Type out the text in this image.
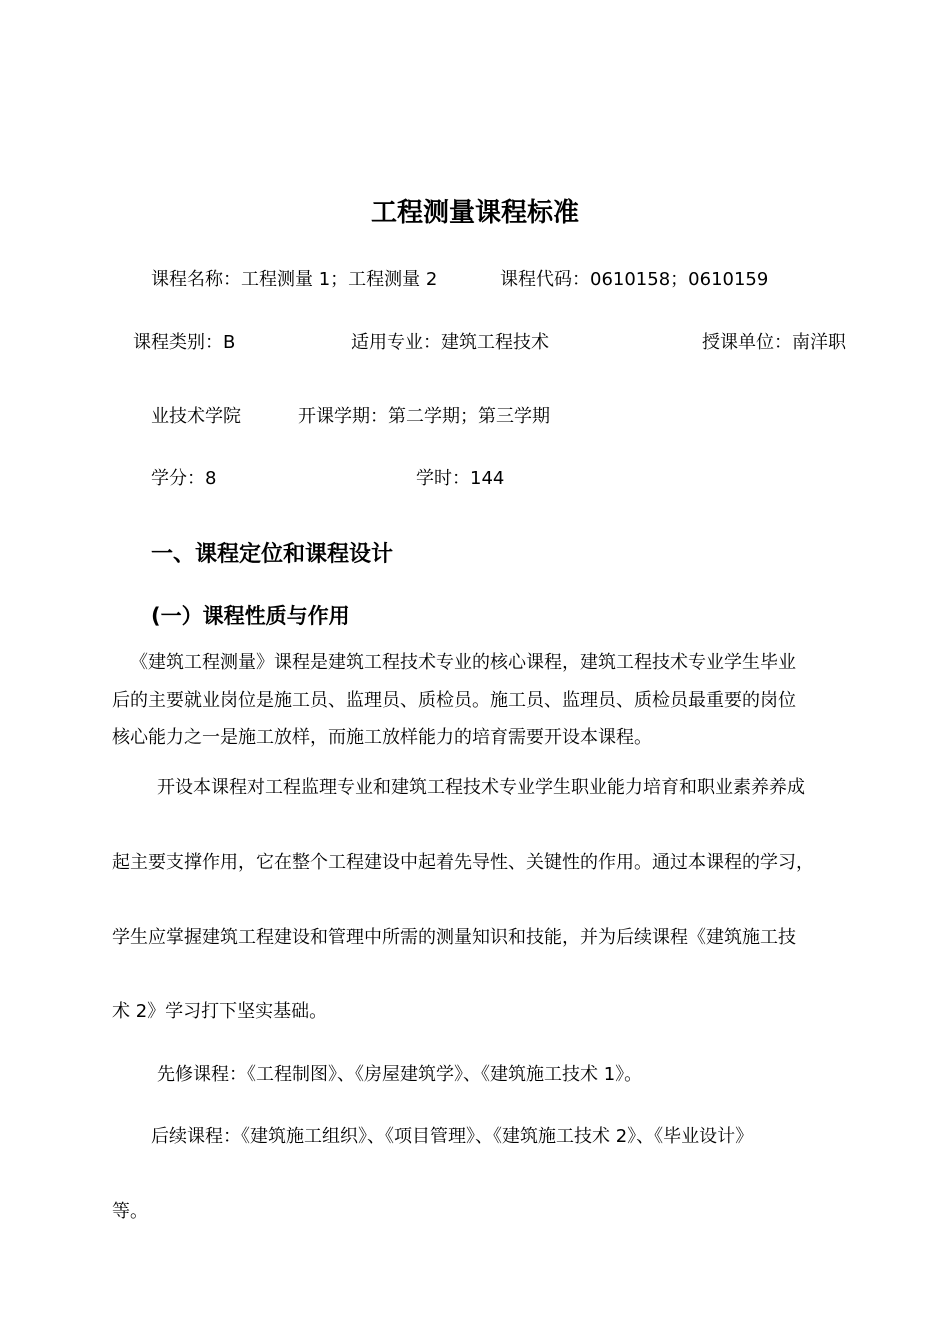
工程测量课程标准
课程名称：工程测量 1；工程测量 2	课程代码：0610158；0610159
课程类别：B	适用专业：建筑工程技术	授课单位：南洋职
业技术学院	开课学期：第二学期；第三学期
学分：8	学时：144
一、课程定位和课程设计
(一）课程性质与作用
《建筑工程测量》课程是建筑工程技术专业的核心课程，建筑工程技术专业学生毕业
后的主要就业岗位是施工员、监理员、质检员。施工员、监理员、质检员最重要的岗位
核心能力之一是施工放样，而施工放样能力的培育需要开设本课程。
开设本课程对工程监理专业和建筑工程技术专业学生职业能力培育和职业素养养成
起主要支撑作用，它在整个工程建设中起着先导性、关键性的作用。通过本课程的学习，
学生应掌握建筑工程建设和管理中所需的测量知识和技能，并为后续课程《建筑施工技
术 2》学习打下坚实基础。
先修课程：《工程制图》、《房屋建筑学》、《建筑施工技术 1》。
后续课程：《建筑施工组织》、《项目管理》、《建筑施工技术 2》、《毕业设计》
等。
